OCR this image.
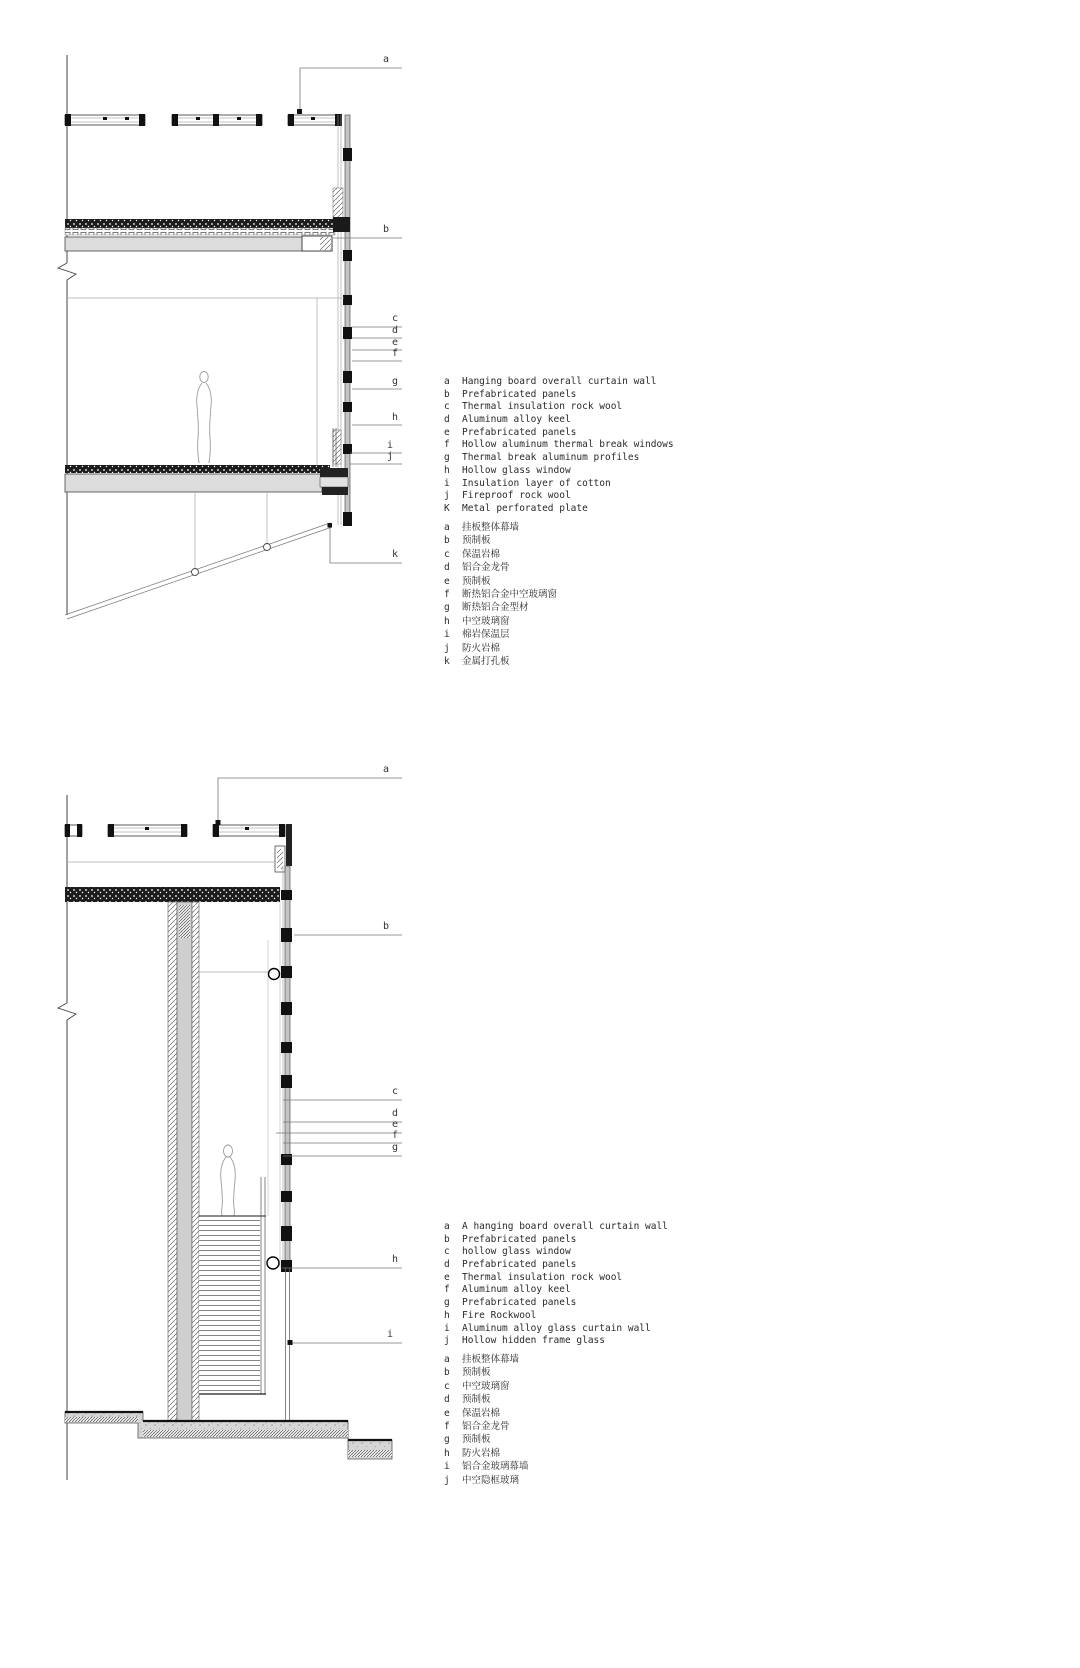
a
b
c
d
e
f
g
h
i
j
k
a
b
c
d
e
f
g
h
i
a	Hanging board overall curtain wall
b	Prefabricated panels
c	Thermal insulation rock wool
d	Aluminum alloy keel
e	Prefabricated panels
f	Hollow aluminum thermal break windows
g	Thermal break aluminum profiles
h	Hollow glass window
i	Insulation layer of cotton
j	Fireproof rock wool
K	Metal perforated plate
a	挂板整体幕墙
b	预制板
c	保温岩棉
d	铝合金龙骨
e	预制板
f	断热铝合金中空玻璃窗
g	断热铝合金型材
h	中空玻璃窗
i	棉岩保温层
j	防火岩棉
k	金属打孔板
a	A hanging board overall curtain wall
b	Prefabricated panels
c	hollow glass window
d	Prefabricated panels
e	Thermal insulation rock wool
f	Aluminum alloy keel
g	Prefabricated panels
h	Fire Rockwool
i	Aluminum alloy glass curtain wall
j	Hollow hidden frame glass
a	挂板整体幕墙
b	预制板
c	中空玻璃窗
d	预制板
e	保温岩棉
f	铝合金龙骨
g	预制板
h	防火岩棉
i	铝合金玻璃幕墙
j	中空隐框玻璃
